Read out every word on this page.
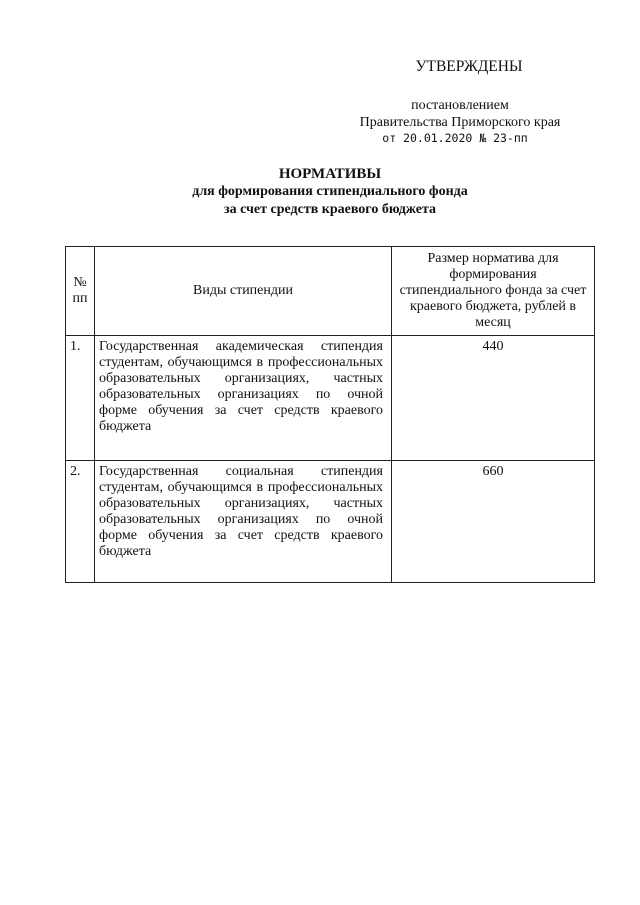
УТВЕРЖДЕНЫ
постановлением
Правительства Приморского края
от 20.01.2020 № 23-пп
НОРМАТИВЫ
для формирования стипендиального фонда
за счет средств краевого бюджета
№ пп	Виды стипендии	Размер норматива для формирования стипендиального фонда за счет краевого бюджета, рублей в месяц
1.	Государственная академическая стипендия студентам, обучающимся в профессиональных образовательных организациях, частных образовательных организациях по очной форме обучения за счет средств краевого бюджета	440
2.	Государственная социальная стипендия студентам, обучающимся в профессиональных образовательных организациях, частных образовательных организациях по очной форме обучения за счет средств краевого бюджета	660
